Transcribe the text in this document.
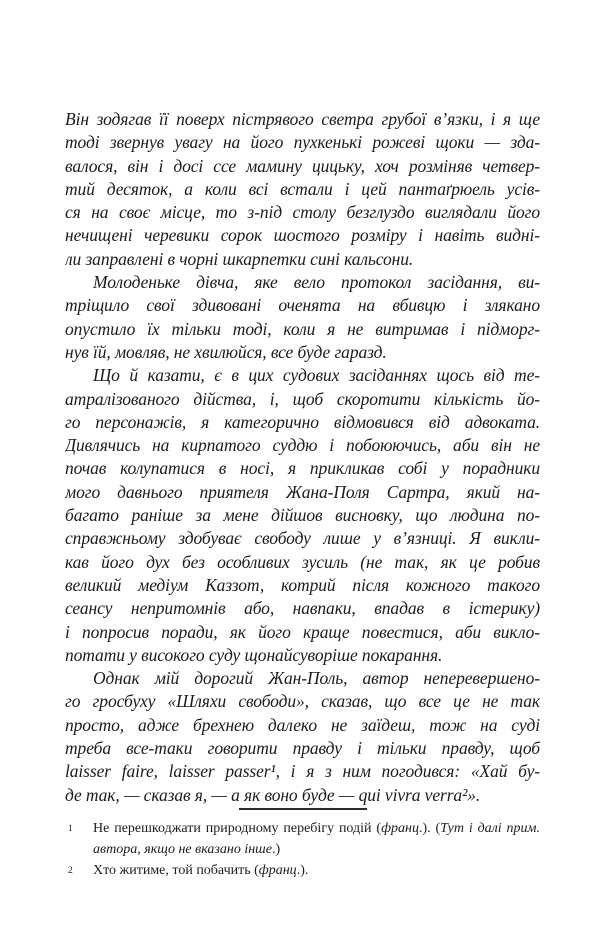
Він зодягав її поверх пістрявого светра грубої в’язки, і я ще
тоді звернув увагу на його пухкенькі рожеві щоки — зда-
валося, він і досі ссе мамину цицьку, хоч розміняв четвер-
тий десяток, а коли всі встали і цей пантаґрюель усів-
ся на своє місце, то з-під столу безглуздо виглядали його
нечищені черевики сорок шостого розміру і навіть видні-
ли заправлені в чорні шкарпетки сині кальсони.
Молоденьке дівча, яке вело протокол засідання, ви-
тріщило свої здивовані оченята на вбивцю і злякано
опустило їх тільки тоді, коли я не витримав і підморг-
нув їй, мовляв, не хвилюйся, все буде гаразд.
Що й казати, є в цих судових засіданнях щось від те-
атралізованого дійства, і, щоб скоротити кількість йо-
го персонажів, я категорично відмовився від адвоката.
Дивлячись на кирпатого суддю і побоюючись, аби він не
почав колупатися в носі, я прикликав собі у порадники
мого давнього приятеля Жана-Поля Сартра, який на-
багато раніше за мене дійшов висновку, що людина по-
справжньому здобуває свободу лише у в’язниці. Я викли-
кав його дух без особливих зусиль (не так, як це робив
великий медіум Каззот, котрий після кожного такого
сеансу непритомнів або, навпаки, впадав в істерику)
і попросив поради, як його краще повестися, аби викло-
потати у високого суду щонайсуворіше покарання.
Однак мій дорогий Жан-Поль, автор неперевершено-
го гросбуху «Шляхи свободи», сказав, що все це не так
просто, адже брехнею далеко не заїдеш, тож на суді
треба все-таки говорити правду і тільки правду, щоб
laisser faire, laisser passer¹, і я з ним погодився: «Хай бу-
де так, — сказав я, — а як воно буде — qui vivra verra²».
1	Не перешкоджати природному перебігу подій (франц.). (Тут і далі прим. автора, якщо не вказано інше.)
2	Хто житиме, той побачить (франц.).
